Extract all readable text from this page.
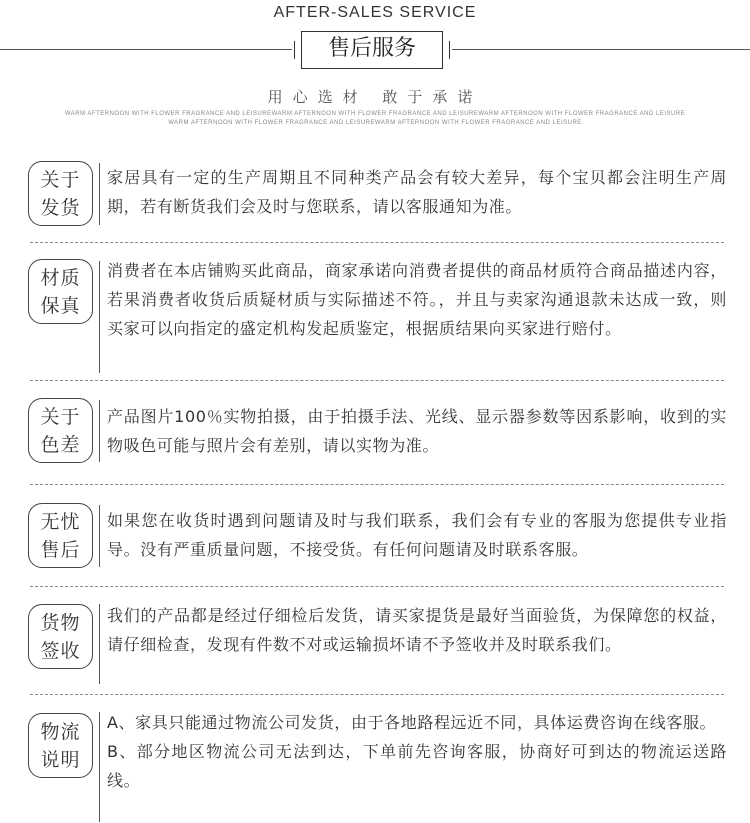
AFTER-SALES SERVICE
售后服务
用心选材 敢于承诺
WARM AFTERNOON WITH FLOWER FRAGRANCE AND LEISUREWARM AFTERNOON WITH FLOWER FRAGRANCE AND LEISUREWARM AFTERNOON WITH FLOWER FRAGRANCE AND LEISURE
WARM AFTERNOON WITH FLOWER FRAGRANCE AND LEISUREWARM AFTERNOON WITH FLOWER FRAGRANCE AND LEISURE
关于发货
家居具有一定的生产周期且不同种类产品会有较大差异，每个宝贝都会注明生产周期，若有断货我们会及时与您联系，请以客服通知为准。
材质保真
消费者在本店铺购买此商品，商家承诺向消费者提供的商品材质符合商品描述内容，若果消费者收货后质疑材质与实际描述不符。，并且与卖家沟通退款未达成一致，则买家可以向指定的盛定机构发起质鉴定，根据质结果向买家进行赔付。
关于色差
产品图片100％实物拍摄，由于拍摄手法、光线、显示器参数等因系影响，收到的实物吸色可能与照片会有差别，请以实物为准。
无忧售后
如果您在收货时遇到问题请及时与我们联系，我们会有专业的客服为您提供专业指导。没有严重质量问题，不接受货。有任何问题请及时联系客服。
货物签收
我们的产品都是经过仔细检后发货，请买家提货是最好当面验货，为保障您的权益，请仔细检查，发现有件数不对或运输损坏请不予签收并及时联系我们。
物流说明
A、家具只能通过物流公司发货，由于各地路程远近不同，具体运费咨询在线客服。
B、部分地区物流公司无法到达，下单前先咨询客服，协商好可到达的物流运送路线。
